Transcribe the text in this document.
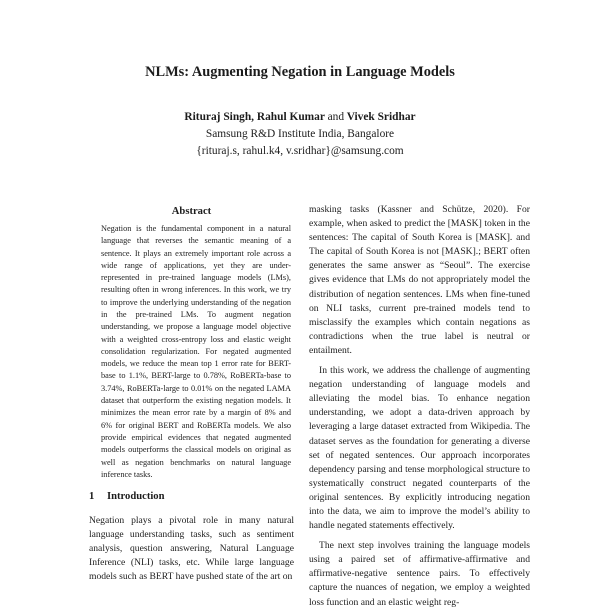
NLMs: Augmenting Negation in Language Models
Rituraj Singh, Rahul Kumar and Vivek Sridhar
Samsung R&D Institute India, Bangalore
{rituraj.s, rahul.k4, v.sridhar}@samsung.com
Abstract
Negation is the fundamental component in a natural language that reverses the semantic meaning of a sentence. It plays an extremely important role across a wide range of applications, yet they are under-represented in pre-trained language models (LMs), resulting often in wrong inferences. In this work, we try to improve the underlying understanding of the negation in the pre-trained LMs. To augment negation understanding, we propose a language model objective with a weighted cross-entropy loss and elastic weight consolidation regularization. For negated augmented models, we reduce the mean top 1 error rate for BERT-base to 1.1%, BERT-large to 0.78%, RoBERTa-base to 3.74%, RoBERTa-large to 0.01% on the negated LAMA dataset that outperform the existing negation models. It minimizes the mean error rate by a margin of 8% and 6% for original BERT and RoBERTa models. We also provide empirical evidences that negated augmented models outperforms the classical models on original as well as negation benchmarks on natural language inference tasks.
1 Introduction
Negation plays a pivotal role in many natural language understanding tasks, such as sentiment analysis, question answering, Natural Language Inference (NLI) tasks, etc. While large language models such as BERT have pushed state of the art on

masking tasks (Kassner and Schütze, 2020). For example, when asked to predict the [MASK] token in the sentences: The capital of South Korea is [MASK]. and The capital of South Korea is not [MASK].; BERT often generates the same answer as “Seoul”. The exercise gives evidence that LMs do not appropriately model the distribution of negation sentences. LMs when fine-tuned on NLI tasks, current pre-trained models tend to misclassify the examples which contain negations as contradictions when the true label is neutral or entailment.

In this work, we address the challenge of augmenting negation understanding of language models and alleviating the model bias. To enhance negation understanding, we adopt a data-driven approach by leveraging a large dataset extracted from Wikipedia. The dataset serves as the foundation for generating a diverse set of negated sentences. Our approach incorporates dependency parsing and tense morphological structure to systematically construct negated counterparts of the original sentences. By explicitly introducing negation into the data, we aim to improve the model’s ability to handle negated statements effectively.

The next step involves training the language models using a paired set of affirmative-affirmative and affirmative-negative sentence pairs. To effectively capture the nuances of negation, we employ a weighted loss function and an elastic weight reg-
